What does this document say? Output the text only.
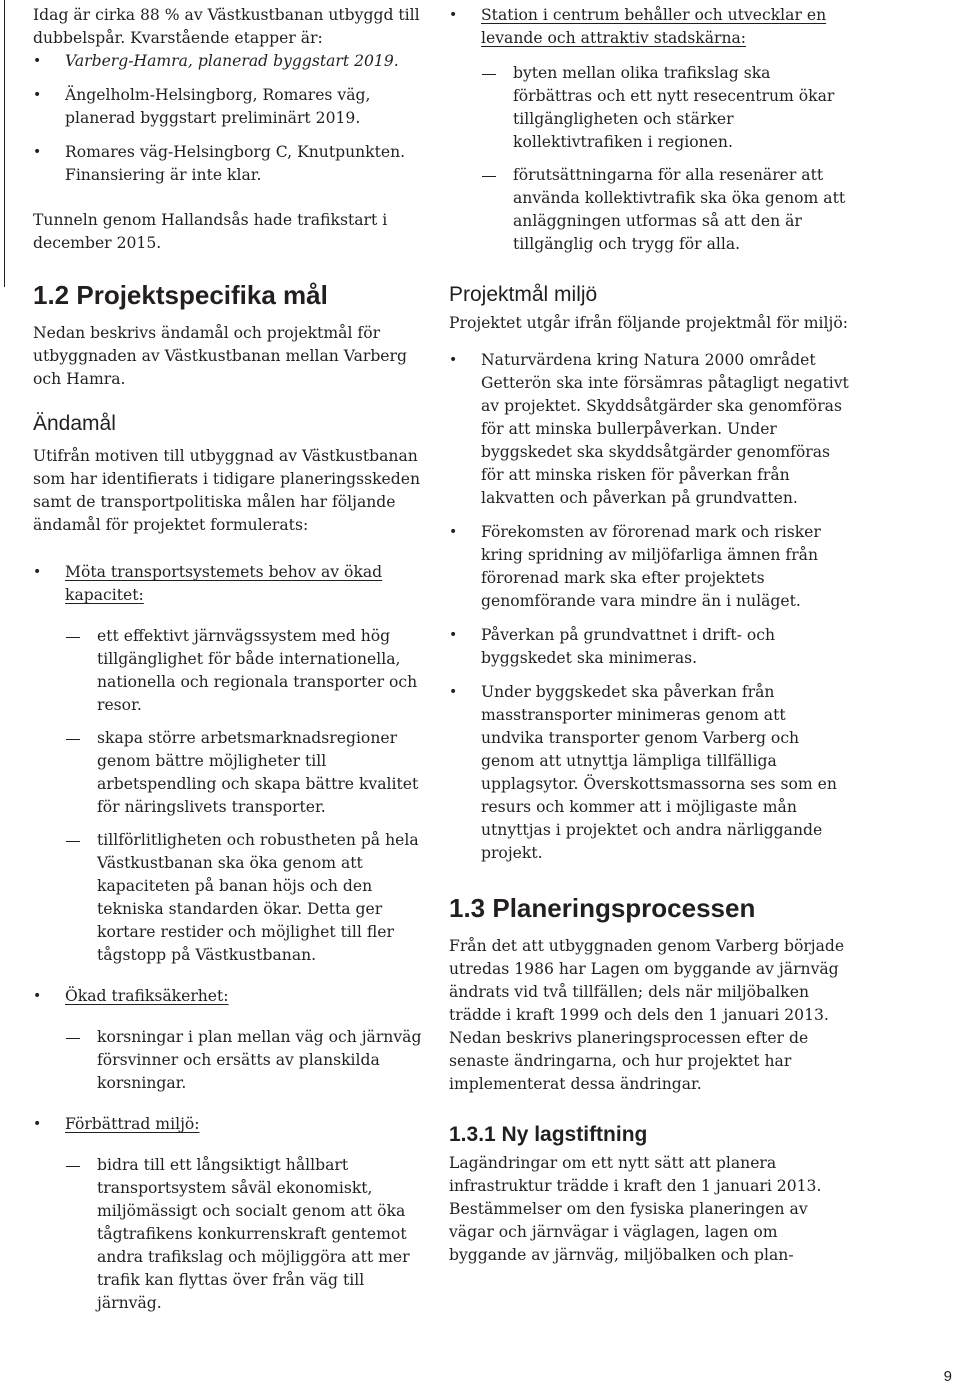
Idag är cirka 88 % av Västkustbanan utbyggd till dubbelspår. Kvarstående etapper är:

• Varberg-Hamra, planerad byggstart 2019.
• Ängelholm-Helsingborg, Romares väg, planerad byggstart preliminärt 2019.
• Romares väg-Helsingborg C, Knutpunkten. Finansiering är inte klar.

Tunneln genom Hallandsås hade trafikstart i december 2015.

1.2 Projektspecifika mål

Nedan beskrivs ändamål och projektmål för utbyggnaden av Västkustbanan mellan Varberg och Hamra.

Ändamål

Utifrån motiven till utbyggnad av Västkustbanan som har identifierats i tidigare planeringsskeden samt de transportpolitiska målen har följande ändamål för projektet formulerats:

• Möta transportsystemets behov av ökad kapacitet:
ett effektivt järnvägssystem med hög tillgänglighet för både internationella, nationella och regionala transporter och resor.
skapa större arbetsmarknadsregioner genom bättre möjligheter till arbetspendling och skapa bättre kvalitet för näringslivets transporter.
tillförlitligheten och robustheten på hela Västkustbanan ska öka genom att kapaciteten på banan höjs och den tekniska standarden ökar. Detta ger kortare restider och möjlighet till fler tågstopp på Västkustbanan.
• Ökad trafiksäkerhet:
korsningar i plan mellan väg och järnväg försvinner och ersätts av planskilda korsningar.
• Förbättrad miljö:
bidra till ett långsiktigt hållbart transportsystem såväl ekonomiskt, miljömässigt och socialt genom att öka tågtrafikens konkurrenskraft gentemot andra trafikslag och möjliggöra att mer trafik kan flyttas över från väg till järnväg.
• Station i centrum behåller och utvecklar en levande och attraktiv stadskärna:
byten mellan olika trafikslag ska förbättras och ett nytt resecentrum ökar tillgängligheten och stärker kollektivtrafiken i regionen.
förutsättningarna för alla resenärer att använda kollektivtrafik ska öka genom att anläggningen utformas så att den är tillgänglig och trygg för alla.
Projektmål miljö

Projektet utgår ifrån följande projektmål för miljö:

• Naturvärdena kring Natura 2000 området Getterön ska inte försämras påtagligt negativt av projektet. Skyddsåtgärder ska genomföras för att minska bullerpåverkan. Under byggskedet ska skyddsåtgärder genomföras för att minska risken för påverkan från lakvatten och påverkan på grundvatten.
• Förekomsten av förorenad mark och risker kring spridning av miljöfarliga ämnen från förorenad mark ska efter projektets genomförande vara mindre än i nuläget.
• Påverkan på grundvattnet i drift- och byggskedet ska minimeras.
• Under byggskedet ska påverkan från masstransporter minimeras genom att undvika transporter genom Varberg och genom att utnyttja lämpliga tillfälliga upplagsytor. Överskottsmassorna ses som en resurs och kommer att i möjligaste mån utnyttjas i projektet och andra närliggande projekt.
1.3 Planeringsprocessen

Från det att utbyggnaden genom Varberg började utredas 1986 har Lagen om byggande av järnväg ändrats vid två tillfällen; dels när miljöbalken trädde i kraft 1999 och dels den 1 januari 2013. Nedan beskrivs planeringsprocessen efter de senaste ändringarna, och hur projektet har implementerat dessa ändringar.

1.3.1 Ny lagstiftning

Lagändringar om ett nytt sätt att planera infrastruktur trädde i kraft den 1 januari 2013. Bestämmelser om den fysiska planeringen av vägar och järnvägar i väglagen, lagen om byggande av järnväg, miljöbalken och plan-

9
